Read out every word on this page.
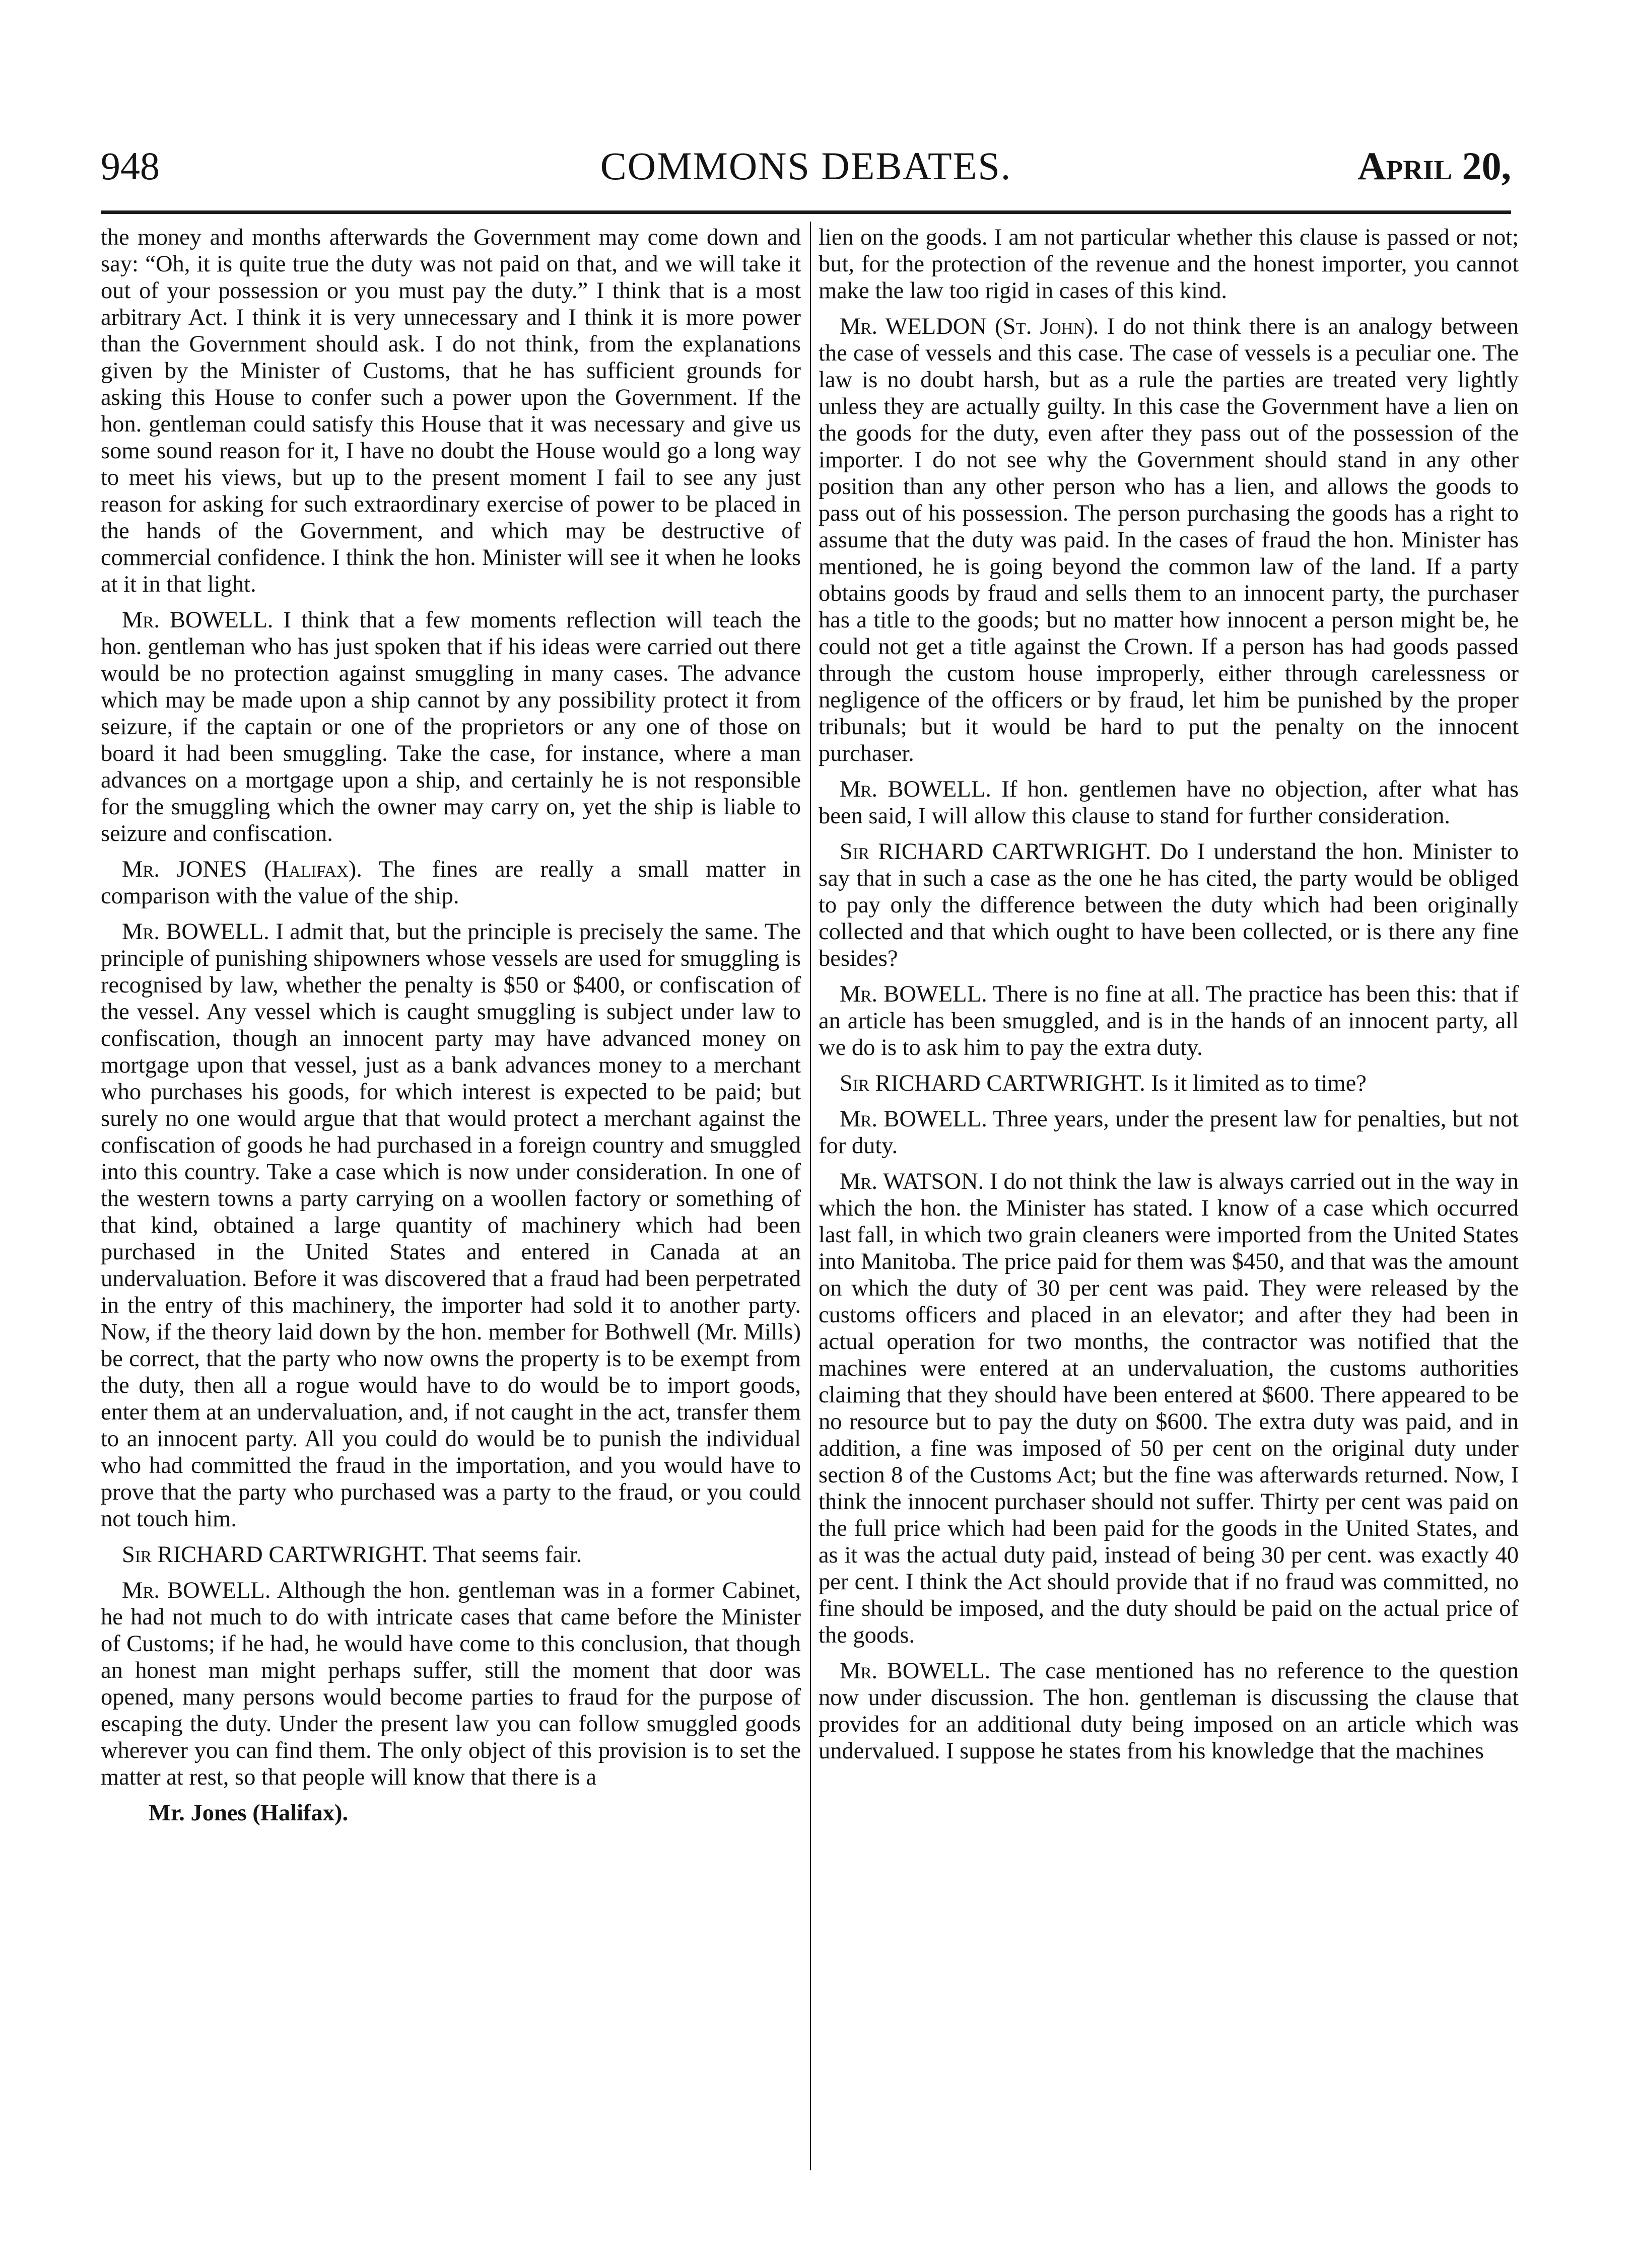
948	COMMONS DEBATES.	April 20,

the money and months afterwards the Government may come down and say: “Oh, it is quite true the duty was not paid on that, and we will take it out of your possession or you must pay the duty.” I think that is a most arbitrary Act. I think it is very unnecessary and I think it is more power than the Government should ask. I do not think, from the explanations given by the Minister of Customs, that he has sufficient grounds for asking this House to confer such a power upon the Government. If the hon. gentleman could satisfy this House that it was necessary and give us some sound reason for it, I have no doubt the House would go a long way to meet his views, but up to the present moment I fail to see any just reason for asking for such extraordinary exercise of power to be placed in the hands of the Government, and which may be destructive of commercial confidence. I think the hon. Minister will see it when he looks at it in that light.

Mr. BOWELL. I think that a few moments reflection will teach the hon. gentleman who has just spoken that if his ideas were carried out there would be no protection against smuggling in many cases. The advance which may be made upon a ship cannot by any possibility protect it from seizure, if the captain or one of the proprietors or any one of those on board it had been smuggling. Take the case, for instance, where a man advances on a mortgage upon a ship, and certainly he is not responsible for the smuggling which the owner may carry on, yet the ship is liable to seizure and confiscation.

Mr. JONES (Halifax). The fines are really a small matter in comparison with the value of the ship.

Mr. BOWELL. I admit that, but the principle is precisely the same. The principle of punishing shipowners whose vessels are used for smuggling is recognised by law, whether the penalty is $50 or $400, or confiscation of the vessel. Any vessel which is caught smuggling is subject under law to confiscation, though an innocent party may have advanced money on mortgage upon that vessel, just as a bank advances money to a merchant who purchases his goods, for which interest is expected to be paid; but surely no one would argue that that would protect a merchant against the confiscation of goods he had purchased in a foreign country and smuggled into this country. Take a case which is now under consideration. In one of the western towns a party carrying on a woollen factory or something of that kind, obtained a large quantity of machinery which had been purchased in the United States and entered in Canada at an undervaluation. Before it was discovered that a fraud had been perpetrated in the entry of this machinery, the importer had sold it to another party. Now, if the theory laid down by the hon. member for Bothwell (Mr. Mills) be correct, that the party who now owns the property is to be exempt from the duty, then all a rogue would have to do would be to import goods, enter them at an undervaluation, and, if not caught in the act, transfer them to an innocent party. All you could do would be to punish the individual who had committed the fraud in the importation, and you would have to prove that the party who purchased was a party to the fraud, or you could not touch him.

Sir RICHARD CARTWRIGHT. That seems fair.

Mr. BOWELL. Although the hon. gentleman was in a former Cabinet, he had not much to do with intricate cases that came before the Minister of Customs; if he had, he would have come to this conclusion, that though an honest man might perhaps suffer, still the moment that door was opened, many persons would become parties to fraud for the purpose of escaping the duty. Under the present law you can follow smuggled goods wherever you can find them. The only object of this provision is to set the matter at rest, so that people will know that there is a

Mr. Jones (Halifax).

lien on the goods. I am not particular whether this clause is passed or not; but, for the protection of the revenue and the honest importer, you cannot make the law too rigid in cases of this kind.

Mr. WELDON (St. John). I do not think there is an analogy between the case of vessels and this case. The case of vessels is a peculiar one. The law is no doubt harsh, but as a rule the parties are treated very lightly unless they are actually guilty. In this case the Government have a lien on the goods for the duty, even after they pass out of the possession of the importer. I do not see why the Government should stand in any other position than any other person who has a lien, and allows the goods to pass out of his possession. The person purchasing the goods has a right to assume that the duty was paid. In the cases of fraud the hon. Minister has mentioned, he is going beyond the common law of the land. If a party obtains goods by fraud and sells them to an innocent party, the purchaser has a title to the goods; but no matter how innocent a person might be, he could not get a title against the Crown. If a person has had goods passed through the custom house improperly, either through carelessness or negligence of the officers or by fraud, let him be punished by the proper tribunals; but it would be hard to put the penalty on the innocent purchaser.

Mr. BOWELL. If hon. gentlemen have no objection, after what has been said, I will allow this clause to stand for further consideration.

Sir RICHARD CARTWRIGHT. Do I understand the hon. Minister to say that in such a case as the one he has cited, the party would be obliged to pay only the difference between the duty which had been originally collected and that which ought to have been collected, or is there any fine besides?

Mr. BOWELL. There is no fine at all. The practice has been this: that if an article has been smuggled, and is in the hands of an innocent party, all we do is to ask him to pay the extra duty.

Sir RICHARD CARTWRIGHT. Is it limited as to time?

Mr. BOWELL. Three years, under the present law for penalties, but not for duty.

Mr. WATSON. I do not think the law is always carried out in the way in which the hon. the Minister has stated. I know of a case which occurred last fall, in which two grain cleaners were imported from the United States into Manitoba. The price paid for them was $450, and that was the amount on which the duty of 30 per cent was paid. They were released by the customs officers and placed in an elevator; and after they had been in actual operation for two months, the contractor was notified that the machines were entered at an undervaluation, the customs authorities claiming that they should have been entered at $600. There appeared to be no resource but to pay the duty on $600. The extra duty was paid, and in addition, a fine was imposed of 50 per cent on the original duty under section 8 of the Customs Act; but the fine was afterwards returned. Now, I think the innocent purchaser should not suffer. Thirty per cent was paid on the full price which had been paid for the goods in the United States, and as it was the actual duty paid, instead of being 30 per cent. was exactly 40 per cent. I think the Act should provide that if no fraud was committed, no fine should be imposed, and the duty should be paid on the actual price of the goods.

Mr. BOWELL. The case mentioned has no reference to the question now under discussion. The hon. gentleman is discussing the clause that provides for an additional duty being imposed on an article which was undervalued. I suppose he states from his knowledge that the machines
